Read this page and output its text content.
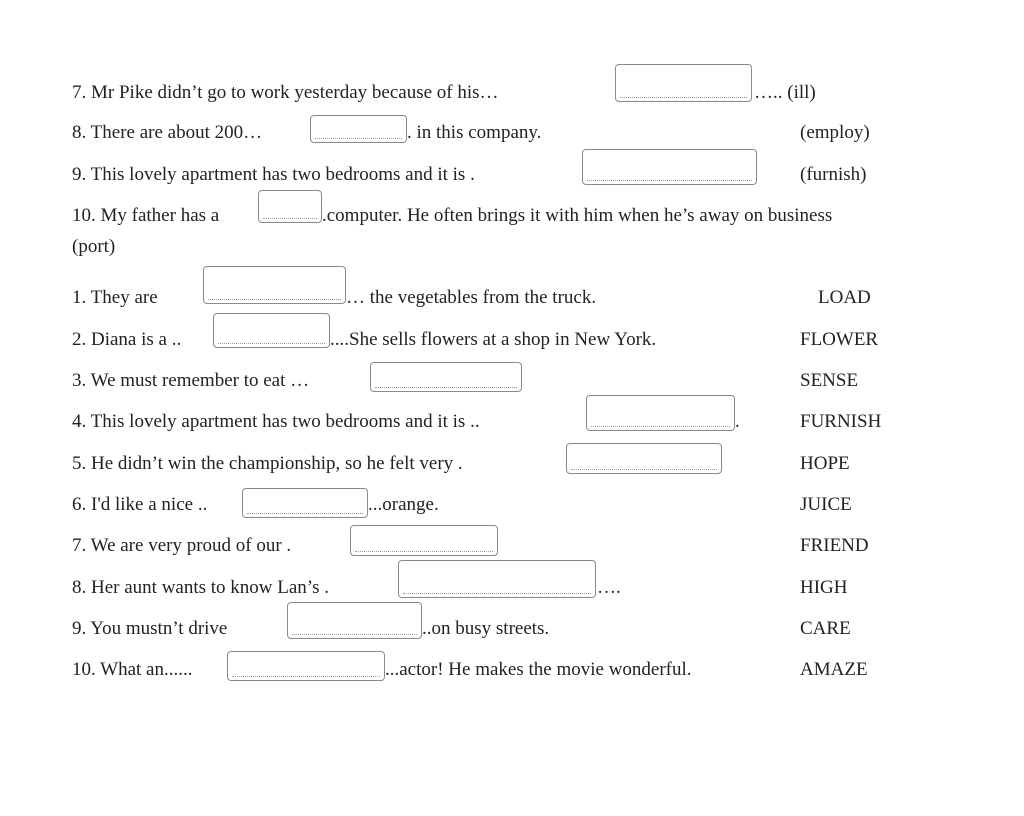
7. Mr Pike didn’t go to work yesterday because of his…	….. (ill)
8. There are about 200…	. in this company.	(employ)
9. This lovely apartment has two bedrooms and it is .	(furnish)
10. My father has a	.computer. He often brings it with him when he’s away on business
(port)
1. They are	… the vegetables from the truck.	LOAD
2. Diana is a ..	....She sells flowers at a shop in New York.	FLOWER
3. We must remember to eat …	SENSE
4. This lovely apartment has two bedrooms and it is ..	.	FURNISH
5. He didn’t win the championship, so he felt very .	HOPE
6. I'd like a nice ..	...orange.	JUICE
7. We are very proud of our .	FRIEND
8. Her aunt wants to know Lan’s .	….	HIGH
9. You mustn’t drive	..on busy streets.	CARE
10. What an......	...actor! He makes the movie wonderful.	AMAZE
